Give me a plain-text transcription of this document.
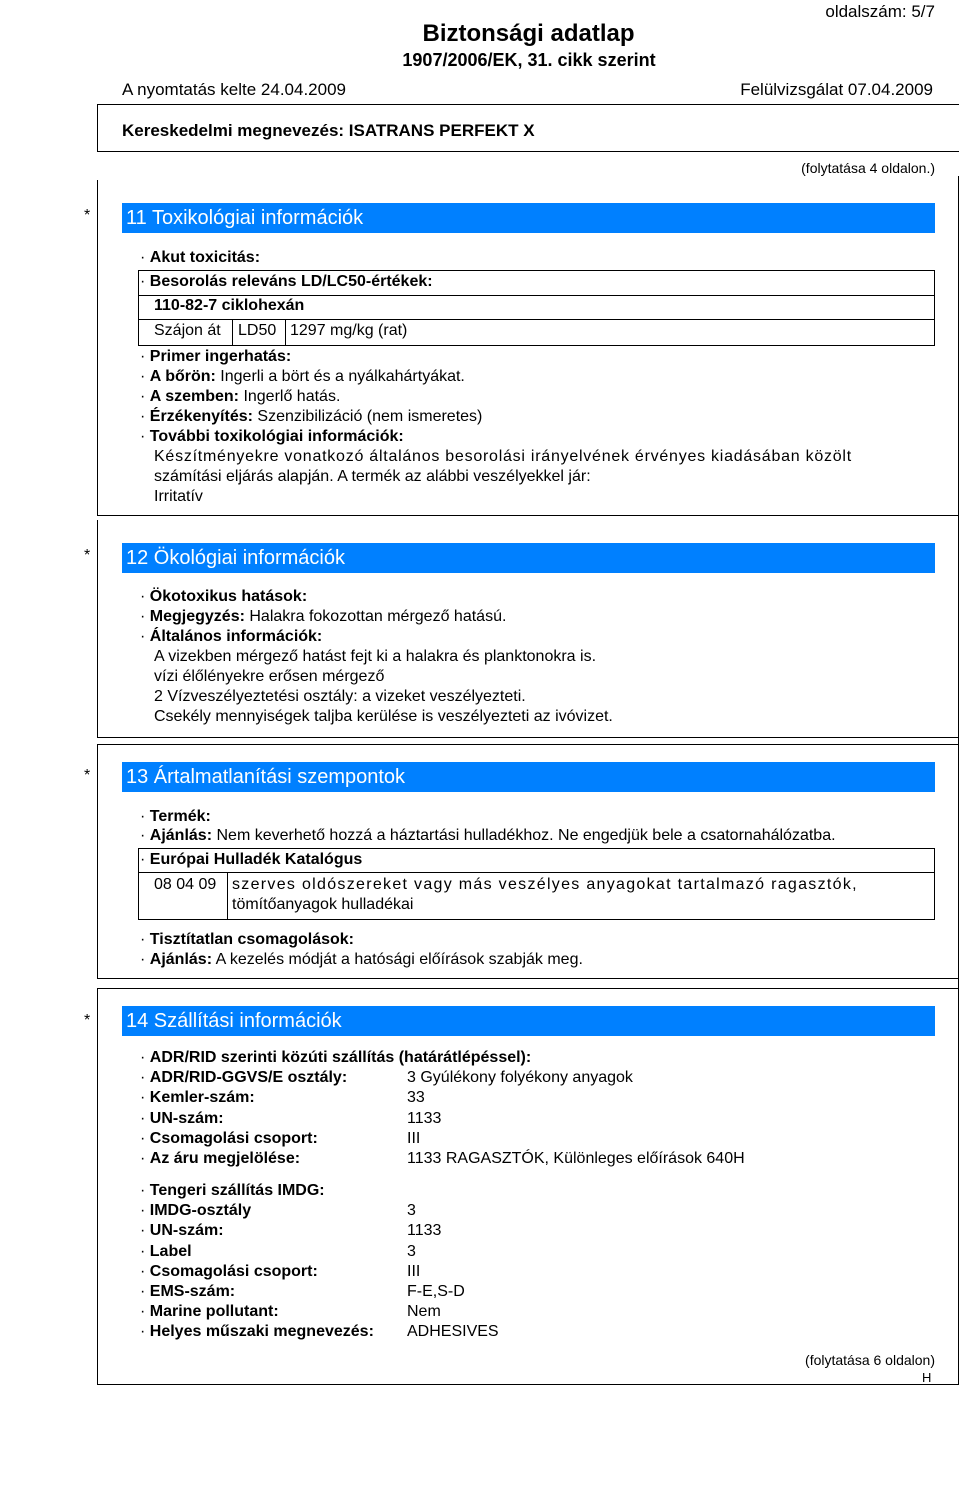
oldalszám: 5/7
Biztonsági adatlap
1907/2006/EK, 31. cikk szerint
A nyomtatás kelte 24.04.2009	Felülvizsgálat 07.04.2009
Kereskedelmi megnevezés: ISATRANS PERFEKT X
(folytatása 4 oldalon.)
* 11 Toxikológiai információk
· Akut toxicitás:
· Besorolás releváns LD/LC50-értékek:
110-82-7 ciklohexán
Szájon át LD50 1297 mg/kg (rat)
· Primer ingerhatás:
· A bőrön: Ingerli a bört és a nyálkahártyákat.
· A szemben: Ingerlő hatás.
· Érzékenyítés: Szenzibilizáció (nem ismeretes)
· További toxikológiai információk:
Készítményekre vonatkozó általános besorolási irányelvének érvényes kiadásában közölt
számítási eljárás alapján. A termék az alábbi veszélyekkel jár:
Irritatív
* 12 Ökológiai információk
· Ökotoxikus hatások:
· Megjegyzés: Halakra fokozottan mérgező hatású.
· Általános információk:
A vizekben mérgező hatást fejt ki a halakra és planktonokra is.
vízi élőlényekre erősen mérgező
2 Vízveszélyeztetési osztály: a vizeket veszélyezteti.
Csekély mennyiségek taljba kerülése is veszélyezteti az ivóvizet.
* 13 Ártalmatlanítási szempontok
· Termék:
· Ajánlás: Nem keverhető hozzá a háztartási hulladékhoz. Ne engedjük bele a csatornahálózatba.
· Európai Hulladék Katalógus
08 04 09 szerves oldószereket vagy más veszélyes anyagokat tartalmazó ragasztók,
tömítőanyagok hulladékai
· Tisztítatlan csomagolások:
· Ajánlás: A kezelés módját a hatósági előírások szabják meg.
* 14 Szállítási információk
· ADR/RID szerinti közúti szállítás (határátlépéssel):
· ADR/RID-GGVS/E osztály:	3 Gyúlékony folyékony anyagok
· Kemler-szám:	33
· UN-szám:	1133
· Csomagolási csoport:	III
· Az áru megjelölése:	1133 RAGASZTÓK, Különleges előírások 640H
· Tengeri szállítás IMDG:
· IMDG-osztály	3
· UN-szám:	1133
· Label	3
· Csomagolási csoport:	III
· EMS-szám:	F-E,S-D
· Marine pollutant:	Nem
· Helyes műszaki megnevezés: ADHESIVES
(folytatása 6 oldalon)
H
